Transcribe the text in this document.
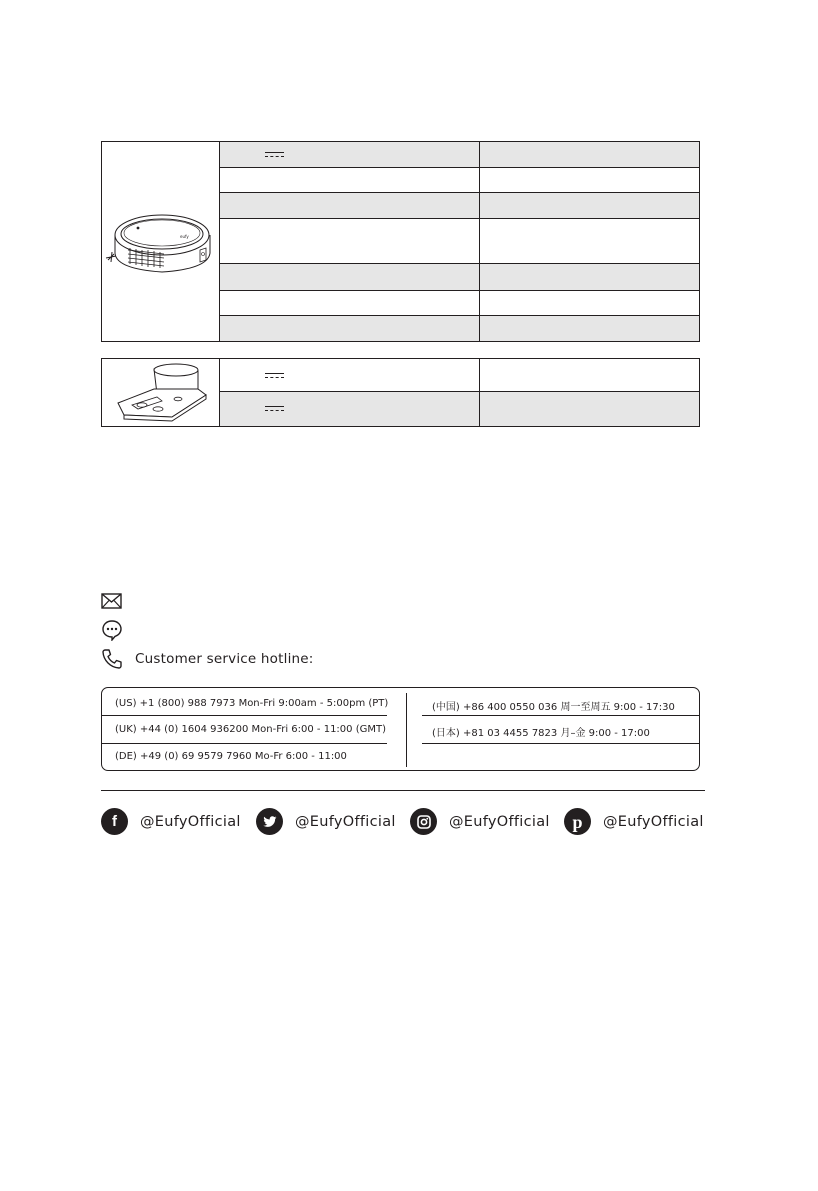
eufy
Customer service hotline:
(US) +1 (800) 988 7973 Mon-Fri 9:00am - 5:00pm (PT)
(UK) +44 (0) 1604 936200 Mon-Fri 6:00 - 11:00 (GMT)
(DE) +49 (0) 69 9579 7960 Mo-Fr 6:00 - 11:00
(中国) +86 400 0550 036 周一至周五 9:00 - 17:30
(日本) +81 03 4455 7823 月–金 9:00 - 17:00
f @EufyOfficial	@EufyOfficial	@EufyOfficial p @EufyOfficial
